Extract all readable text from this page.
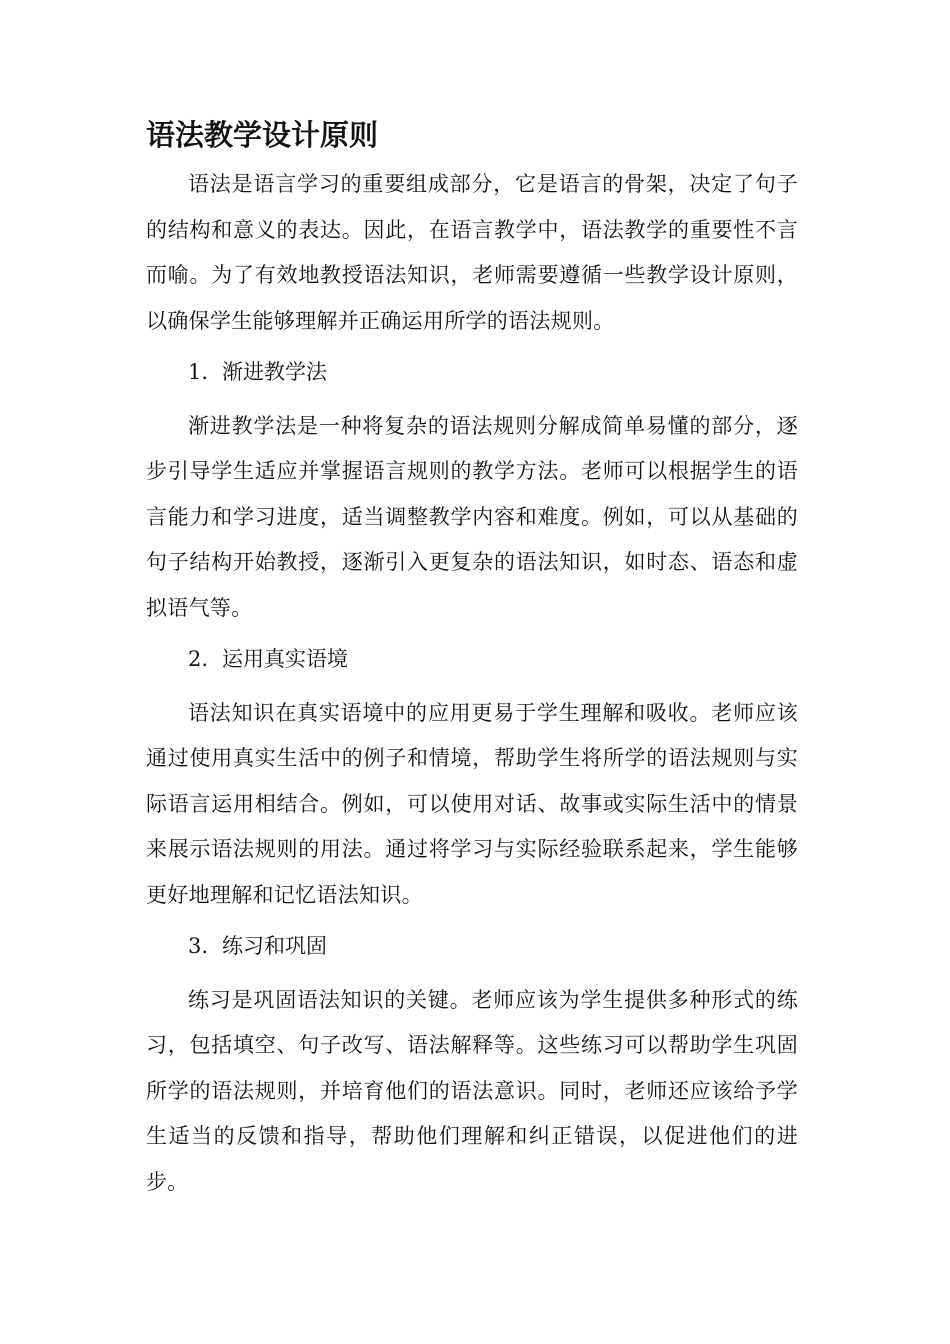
语法教学设计原则

语法是语言学习的重要组成部分，它是语言的骨架，决定了句子的结构和意义的表达。因此，在语言教学中，语法教学的重要性不言而喻。为了有效地教授语法知识，老师需要遵循一些教学设计原则，以确保学生能够理解并正确运用所学的语法规则。

1. 渐进教学法

渐进教学法是一种将复杂的语法规则分解成简单易懂的部分，逐步引导学生适应并掌握语言规则的教学方法。老师可以根据学生的语言能力和学习进度，适当调整教学内容和难度。例如，可以从基础的句子结构开始教授，逐渐引入更复杂的语法知识，如时态、语态和虚拟语气等。

2. 运用真实语境

语法知识在真实语境中的应用更易于学生理解和吸收。老师应该通过使用真实生活中的例子和情境，帮助学生将所学的语法规则与实际语言运用相结合。例如，可以使用对话、故事或实际生活中的情景来展示语法规则的用法。通过将学习与实际经验联系起来，学生能够更好地理解和记忆语法知识。

3. 练习和巩固

练习是巩固语法知识的关键。老师应该为学生提供多种形式的练习，包括填空、句子改写、语法解释等。这些练习可以帮助学生巩固所学的语法规则，并培育他们的语法意识。同时，老师还应该给予学生适当的反馈和指导，帮助他们理解和纠正错误，以促进他们的进步。
